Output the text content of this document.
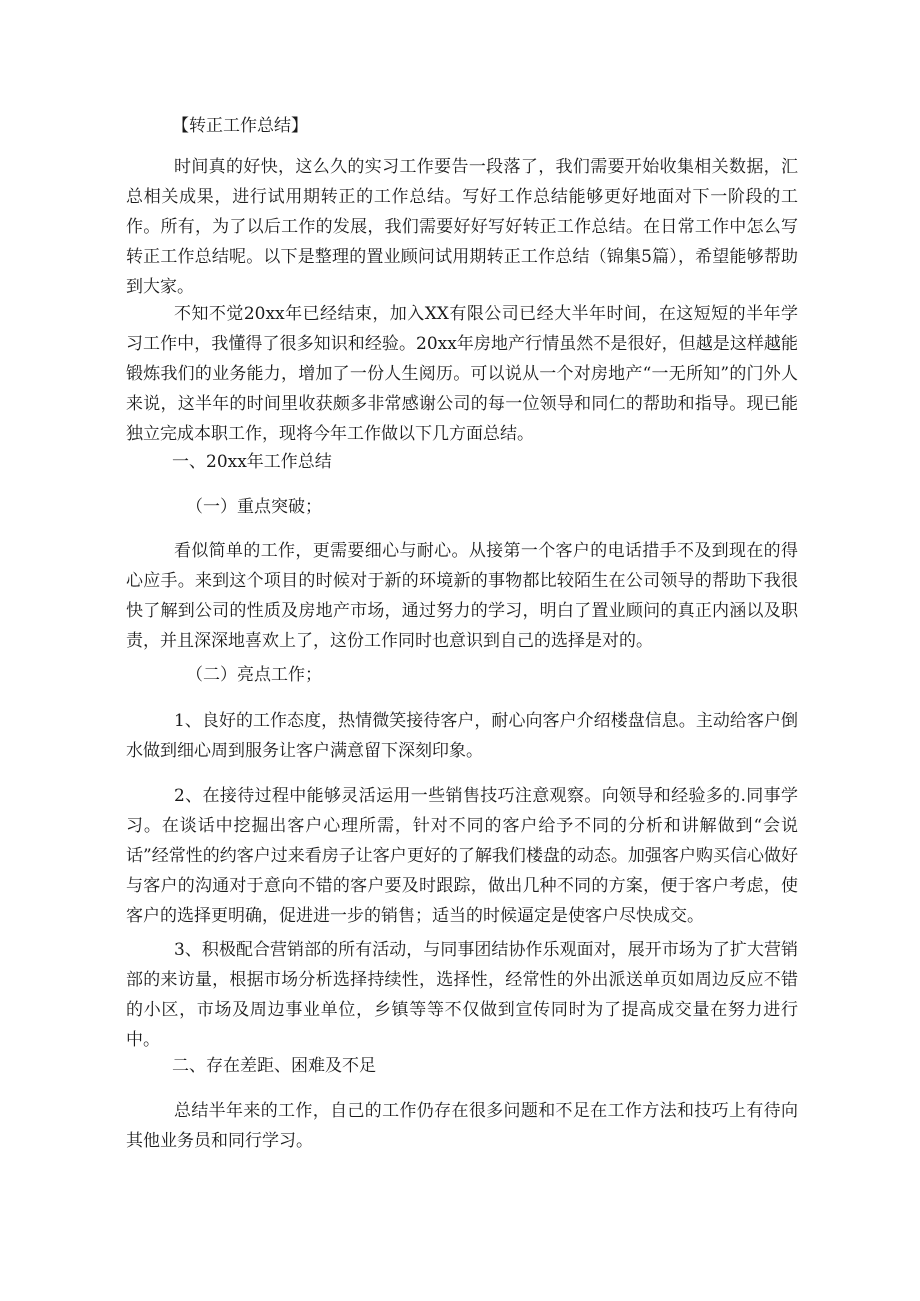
【转正工作总结】

时间真的好快，这么久的实习工作要告一段落了，我们需要开始收集相关数据，汇总相关成果，进行试用期转正的工作总结。写好工作总结能够更好地面对下一阶段的工作。所有，为了以后工作的发展，我们需要好好写好转正工作总结。在日常工作中怎么写转正工作总结呢。以下是整理的置业顾问试用期转正工作总结（锦集5篇），希望能够帮助到大家。

不知不觉20xx年已经结束，加入XX有限公司已经大半年时间，在这短短的半年学习工作中，我懂得了很多知识和经验。20xx年房地产行情虽然不是很好，但越是这样越能锻炼我们的业务能力，增加了一份人生阅历。可以说从一个对房地产“一无所知”的门外人来说，这半年的时间里收获颇多非常感谢公司的每一位领导和同仁的帮助和指导。现已能独立完成本职工作，现将今年工作做以下几方面总结。

一、20xx年工作总结

（一）重点突破；

看似简单的工作，更需要细心与耐心。从接第一个客户的电话措手不及到现在的得心应手。来到这个项目的时候对于新的环境新的事物都比较陌生在公司领导的帮助下我很快了解到公司的性质及房地产市场，通过努力的学习，明白了置业顾问的真正内涵以及职责，并且深深地喜欢上了，这份工作同时也意识到自己的选择是对的。

（二）亮点工作；

1、良好的工作态度，热情微笑接待客户，耐心向客户介绍楼盘信息。主动给客户倒水做到细心周到服务让客户满意留下深刻印象。

2、在接待过程中能够灵活运用一些销售技巧注意观察。向领导和经验多的.同事学习。在谈话中挖掘出客户心理所需，针对不同的客户给予不同的分析和讲解做到“会说话”经常性的约客户过来看房子让客户更好的了解我们楼盘的动态。加强客户购买信心做好与客户的沟通对于意向不错的客户要及时跟踪，做出几种不同的方案，便于客户考虑，使客户的选择更明确，促进进一步的销售；适当的时候逼定是使客户尽快成交。

3、积极配合营销部的所有活动，与同事团结协作乐观面对，展开市场为了扩大营销部的来访量，根据市场分析选择持续性，选择性，经常性的外出派送单页如周边反应不错的小区，市场及周边事业单位，乡镇等等不仅做到宣传同时为了提高成交量在努力进行中。

二、存在差距、困难及不足

总结半年来的工作，自己的工作仍存在很多问题和不足在工作方法和技巧上有待向其他业务员和同行学习。
